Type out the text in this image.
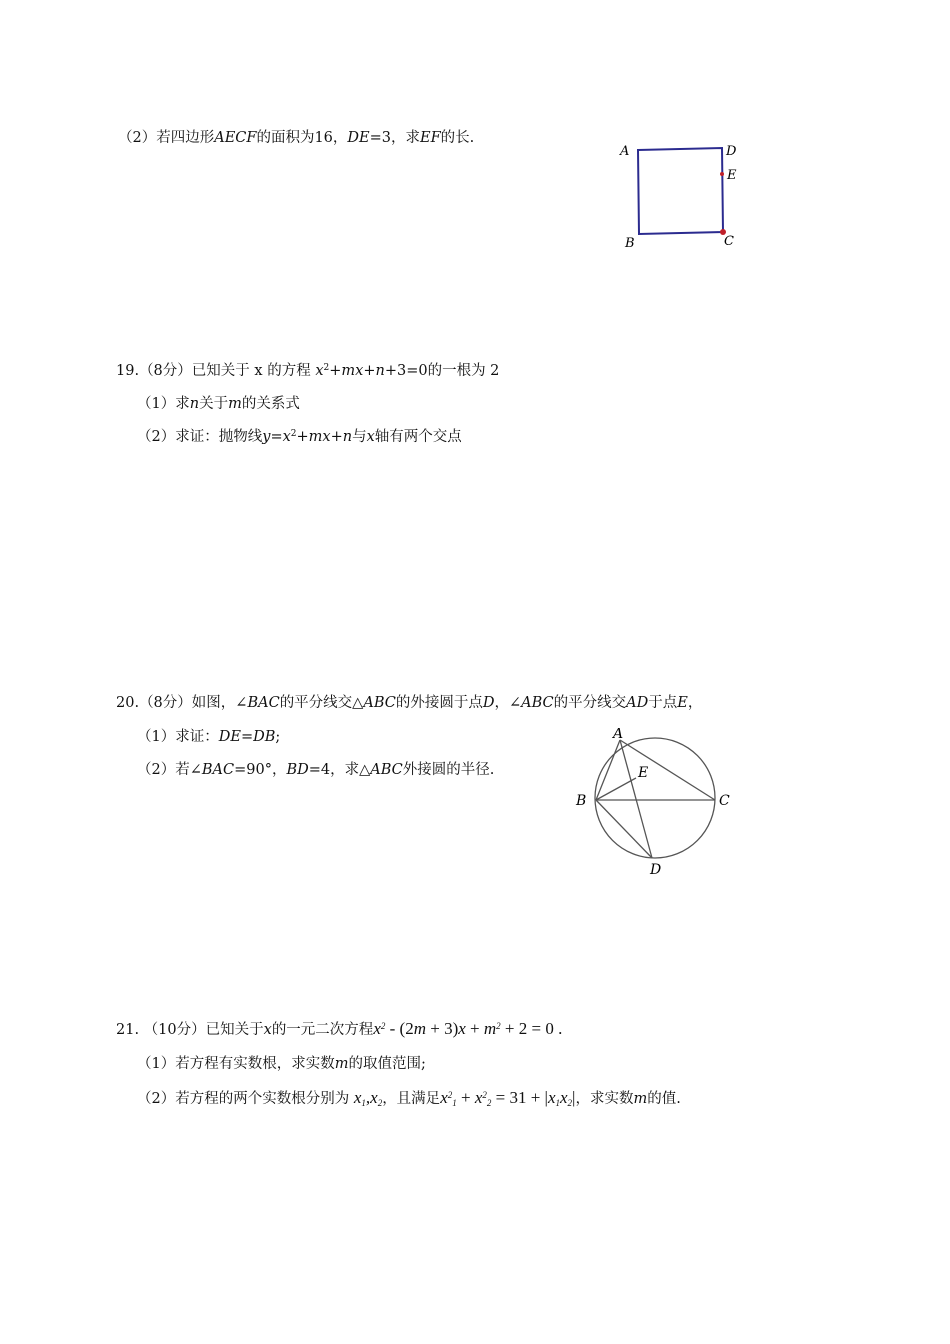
（2）若四边形AECF的面积为16，DE=3，求EF的长.
A	D
E
B	C
19.（8分）已知关于 x 的方程 $x^2+mx+n+3=0$的一根为 2
（1）求n关于m的关系式
（2）求证：抛物线$y=x^2+mx+n$与x轴有两个交点
20.（8分）如图，∠BAC的平分线交△ABC的外接圆于点D，∠ABC的平分线交AD于点E，
（1）求证：DE=DB;
（2）若∠BAC=90°，BD=4，求△ABC外接圆的半径.
A
E
B	C
D
21. （10分）已知关于x的一元二次方程$x^2 - (2m + 3)x + m^2 + 2 = 0$ .
（1）若方程有实数根，求实数m的取值范围;
（2）若方程的两个实数根分别为 $x_1,x_2$，且满足$x^2_1 + x^2_2 = 31 + |x_1x_2|$，求实数m的值.
